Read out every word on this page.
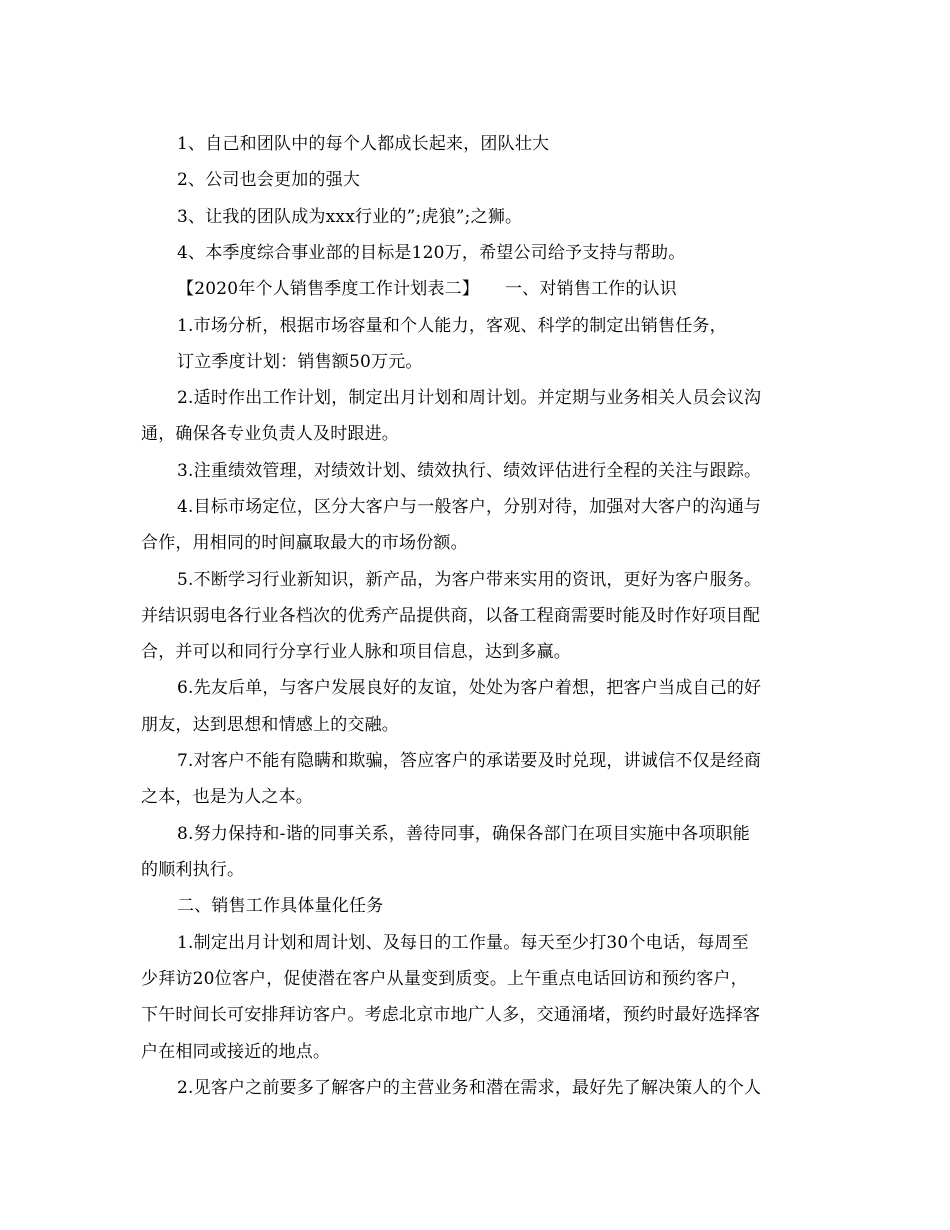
1、自己和团队中的每个人都成长起来，团队壮大
2、公司也会更加的强大
3、让我的团队成为xxx行业的”;虎狼”;之狮。
4、本季度综合事业部的目标是120万，希望公司给予支持与帮助。
【2020年个人销售季度工作计划表二】　　一、对销售工作的认识
1.市场分析，根据市场容量和个人能力，客观、科学的制定出销售任务，
订立季度计划：销售额50万元。
2.适时作出工作计划，制定出月计划和周计划。并定期与业务相关人员会议沟
通，确保各专业负责人及时跟进。
3.注重绩效管理，对绩效计划、绩效执行、绩效评估进行全程的关注与跟踪。
4.目标市场定位，区分大客户与一般客户，分别对待，加强对大客户的沟通与
合作，用相同的时间赢取最大的市场份额。
5.不断学习行业新知识，新产品，为客户带来实用的资讯，更好为客户服务。
并结识弱电各行业各档次的优秀产品提供商，以备工程商需要时能及时作好项目配
合，并可以和同行分享行业人脉和项目信息，达到多赢。
6.先友后单，与客户发展良好的友谊，处处为客户着想，把客户当成自己的好
朋友，达到思想和情感上的交融。
7.对客户不能有隐瞒和欺骗，答应客户的承诺要及时兑现，讲诚信不仅是经商
之本，也是为人之本。
8.努力保持和-谐的同事关系，善待同事，确保各部门在项目实施中各项职能
的顺利执行。
二、销售工作具体量化任务
1.制定出月计划和周计划、及每日的工作量。每天至少打30个电话，每周至
少拜访20位客户，促使潜在客户从量变到质变。上午重点电话回访和预约客户，
下午时间长可安排拜访客户。考虑北京市地广人多，交通涌堵，预约时最好选择客
户在相同或接近的地点。
2.见客户之前要多了解客户的主营业务和潜在需求，最好先了解决策人的个人
